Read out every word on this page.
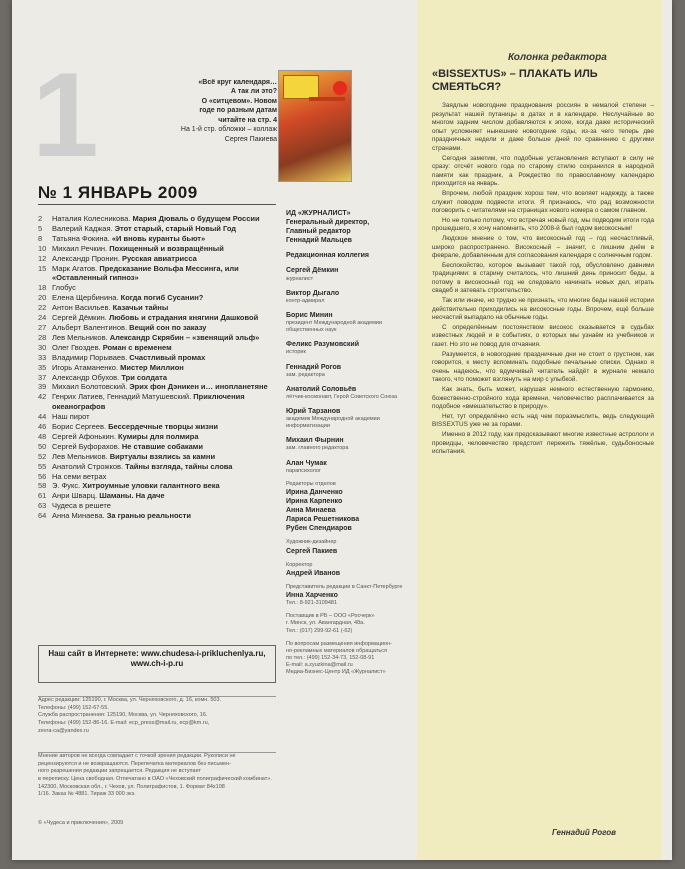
1	«Всё круг календаря…
А так ли это?
О «ситцевом». Новом
годе по разным датам
читайте на стр. 4
На 1-й стр. обложки – коллаж
Сергея Пакиева
№ 1 ЯНВАРЬ 2009
2	Наталия Колесникова. Мария Дюваль о будущем России
5	Валерий Каджая. Этот старый, старый Новый Год
8	Татьяна Фокина. «И вновь куранты бьют»
10 Михаил Речкин. Похищенный и возвращённый
12 Александр Пронин. Русская авиатрисса
15 Марк Агатов. Предсказание Вольфа Мессинга, или «Оставленный гипноз»
18 Глобус
20 Елена Щербинина. Когда погиб Сусанин?
22 Антон Васильев. Казачьи тайны
24 Сергей Дёмкин. Любовь и страдания княгини Дашковой
27 Альберт Валентинов. Вещий сон по заказу
28 Лев Мельников. Александр Скрябин – «звенящий эльф»
30 Олег Гвоздев. Роман с временем
33 Владимир Порываев. Счастливый промах
35 Игорь Атаманенко. Мистер Миллион
37 Александр Обухов. Три солдата
39 Михаил Болотовский. Эрих фон Дэникен и… инопланетяне
42 Генрих Латиев, Геннадий Матушевский. Приключения океанографов
44 Наш пирот
46 Борис Сергеев. Бессердечные творцы жизни
48 Сергей Афонькин. Кумиры для полмира
50 Сергей Буфорахов. Не ставшие собаками
52 Лев Мельников. Виртуалы взялись за камни
55 Анатолий Строжков. Тайны взгляда, тайны слова
56 На семи ветрах
58 Э. Фукс. Хитроумные уловки галантного века
61 Анри Шварц. Шаманы. На даче
63 Чудеса в решете
64 Анна Минаева. За гранью реальности
Наш сайт в Интернете: www.chudesa-i-prikluchenlya.ru,
www.ch-i-p.ru
Адрес редакции: 125190, г. Москва, ул. Черняховского, д. 16, комн. 503.
Телефоны: (499) 152-67-55.
Служба распространения: 125190, Москва, ул. Черняховского, 16.
Телефоны: (499) 152-86-16. E-mail: ecp_press@mail.ru, ecp@km.ru,
zevra-ca@yandex.ru
Мнение авторов не всегда совпадает с точкой зрения редакции. Рукописи не
рецензируются и не возвращаются. Перепечатка материалов без письмен-
ного разрешения редакции запрещается. Редакция не вступает
в переписку. Цена свободная. Отпечатано в ОАО «Чеховский полиграфический комбинат».
142300, Московская обл., г. Чехов, ул. Полиграфистов, 1. Формат 84х108
1/16. Заказ № 4881. Тираж 33 000 экз.
© «Чудеса и приключения», 2009
ИД «ЖУРНАЛИСТ»
Генеральный директор,
Главный редактор
Геннадий Мальцев
Редакционная коллегия
Сергей Дёмкин
журналист
Виктор Дыгало
контр-адмирал
Борис Минин
президент Международной академии общественных наук
Феликс Разумовский
историк
Геннадий Рогов
зам. редактора
Анатолий Соловьёв
лётчик-космонавт, Герой Советского Союза
Юрий Тарзанов
академик Международной академии информатизации
Михаил Фырнин
зам. главного редактора
Алан Чумак
парапсихолог
Редакторы отделов
Ирина Данченко
Ирина Карпенко
Анна Минаева
Лариса Решетникова
Рубен Спендиаров
Художник-дизайнер
Сергей Пакиев
Корректор
Андрей Иванов
Представитель редакции в Санкт-Петербурге
Инна Харченко
Тел.: 8-921-3109481
Поставщик в РБ – ООО «Росчерк»
г. Минск, ул. Авангардная, 48а.
Тел.: (017) 299-92-61 (-62)
По вопросам размещения информацион-
но-рекламных материалов обращаться
по тел.: (499) 152-34-73, 152-08-91
E-mail: a.zyuzkina@mail.ru
Медиа-Бизнес-Центр ИД «Журналист»
Колонка редактора
«BISSEXTUS» – ПЛАКАТЬ ИЛЬ СМЕЯТЬСЯ?

Заядлые новогодние празднования россиян в немалой степени – результат нашей путаницы в датах и в календаре. Неслучайные во многом задним числом добавляются к эпохе, когда даже исторический опыт усложняет нынешние новогодние годы, из-за чего теперь две праздничных недели и даже больше дней по сравнению с другими странами.

Сегодня заметим, что подобные установления вступают в силу не сразу: отсчёт нового года по старому стилю сохранился в народной памяти как праздник, а Рождество по православному календарю приходится на январь.

Впрочем, любой праздник хорош тем, что вселяет надежду, а также служит поводом подвести итоги. Я признаюсь, что рад возможности поговорить с читателями на страницах нового номера о самом главном.

Но не только потому, что встречая новый год, мы подводим итоги года прошедшего, я хочу напомнить, что 2008-й был годом високосным!

Людское мнение о том, что високосный год – год несчастливый, широко распространено. Високосный – значит, с лишним днём в феврале, добавленным для согласования календаря с солнечным годом.

Беспокойство, которое вызывает такой год, обусловлено давними традициями: в старину считалось, что лишний день приносит беды, а потому в високосный год не следовало начинать новых дел, играть свадеб и затевать строительство.

Так или иначе, но трудно не признать, что многие беды нашей истории действительно приходились на високосные годы. Впрочем, ещё больше несчастий выпадало на обычные годы.

С определённым постоянством високос сказывается в судьбах известных людей и в событиях, о которых мы узнаём из учебников и газет. Но это не повод для отчаяния.

Разумеется, в новогодние праздничные дни не стоит о грустном, как говорится, к месту вспоминать подобные печальные списки. Однако я очень надеюсь, что вдумчивый читатель найдёт в журнале немало такого, что поможет взглянуть на мир с улыбкой.

Как знать, быть может, нарушая немного естественную гармонию, божественно-стройного хода времени, человечество расплачивается за подобное «вмешательство в природу».

Нет, тут определённо есть над чем поразмыслить, ведь следующий BISSEXTUS уже не за горами.

Именно в 2012 году, как предсказывают многие известные астрологи и провидцы, человечество предстоит пережить тяжёлые, судьбоносные испытания.

Геннадий Рогов
